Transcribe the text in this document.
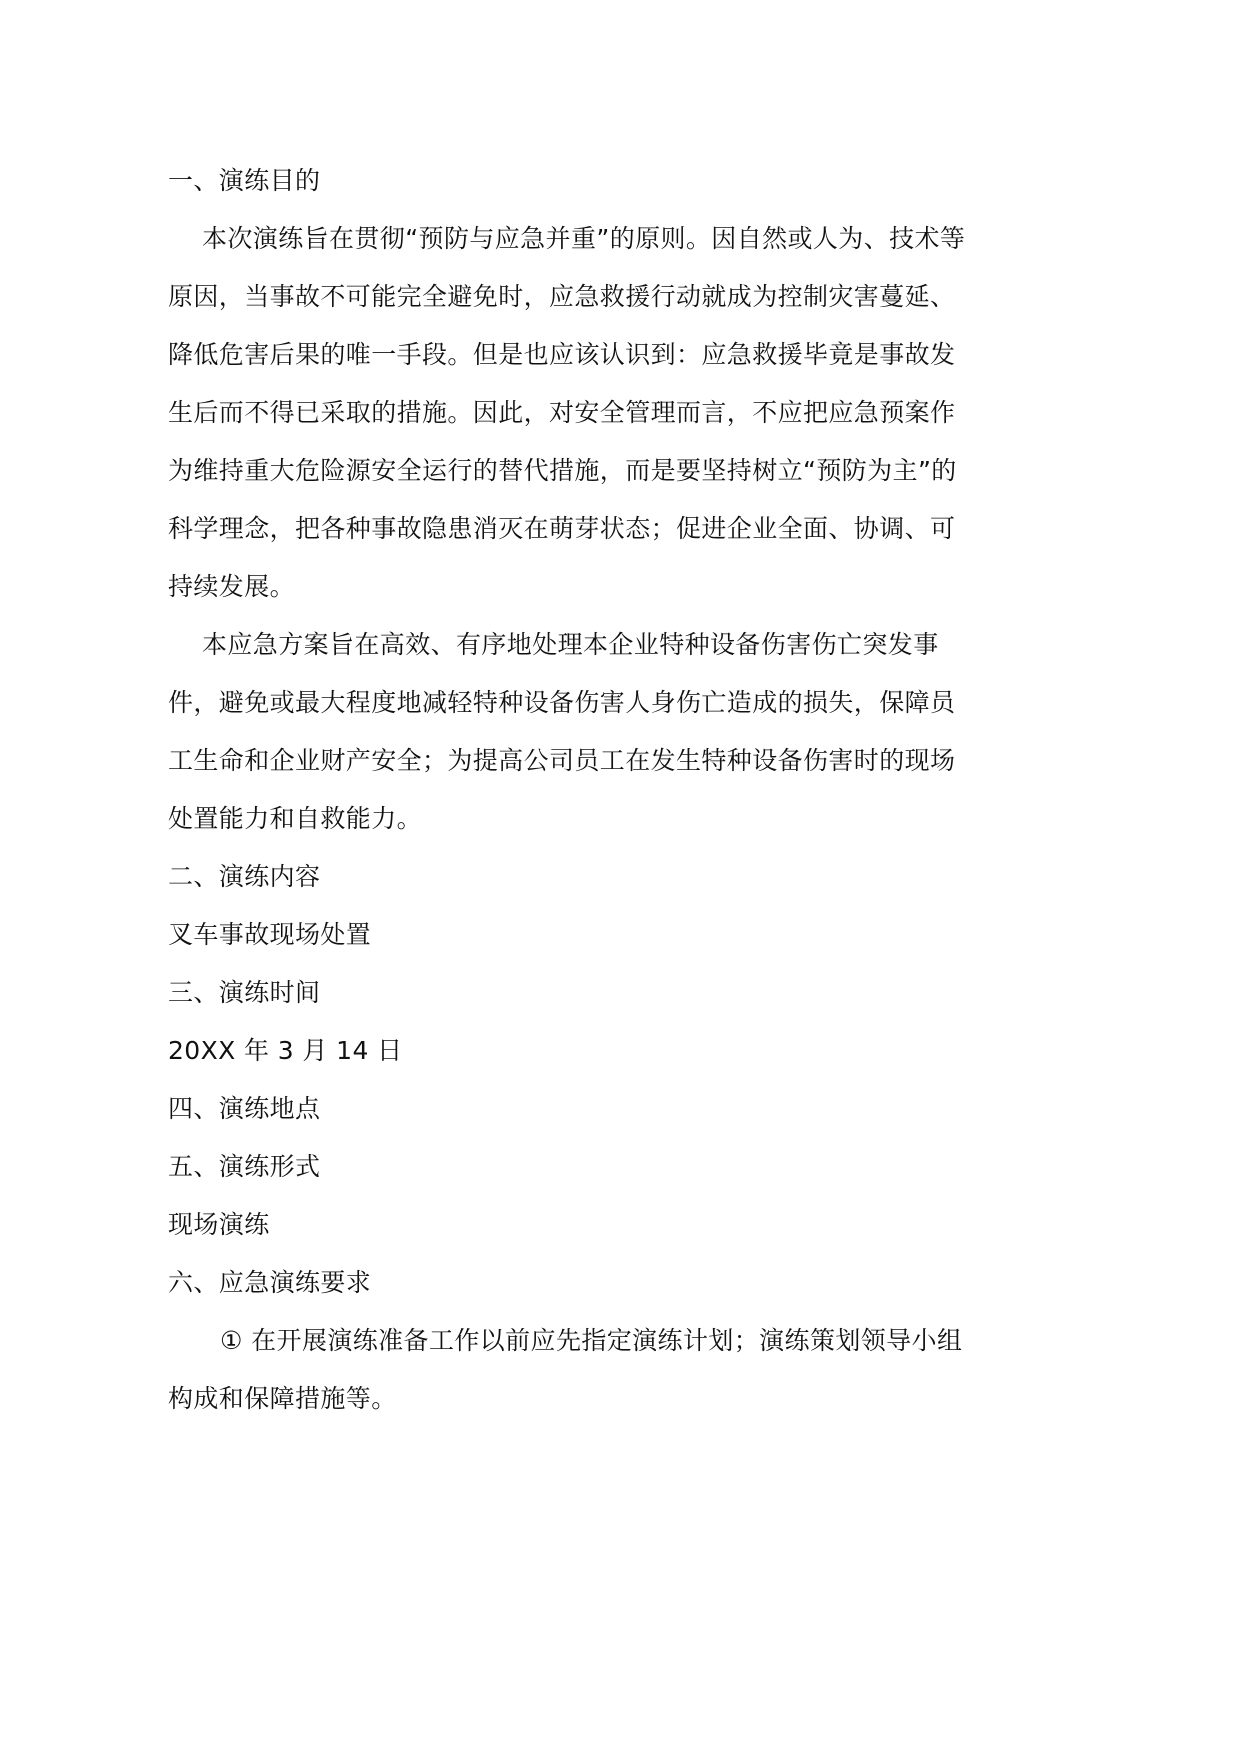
一、演练目的

本次演练旨在贯彻“预防与应急并重”的原则。因自然或人为、技术等原因，当事故不可能完全避免时，应急救援行动就成为控制灾害蔓延、降低危害后果的唯一手段。但是也应该认识到：应急救援毕竟是事故发生后而不得已采取的措施。因此，对安全管理而言，不应把应急预案作为维持重大危险源安全运行的替代措施，而是要坚持树立“预防为主”的科学理念，把各种事故隐患消灭在萌芽状态；促进企业全面、协调、可持续发展。

本应急方案旨在高效、有序地处理本企业特种设备伤害伤亡突发事件，避免或最大程度地减轻特种设备伤害人身伤亡造成的损失，保障员工生命和企业财产安全；为提高公司员工在发生特种设备伤害时的现场处置能力和自救能力。

二、演练内容

叉车事故现场处置

三、演练时间

20XX 年 3 月 14 日

四、演练地点

五、演练形式

现场演练

六、应急演练要求

① 在开展演练准备工作以前应先指定演练计划；演练策划领导小组构成和保障措施等。
